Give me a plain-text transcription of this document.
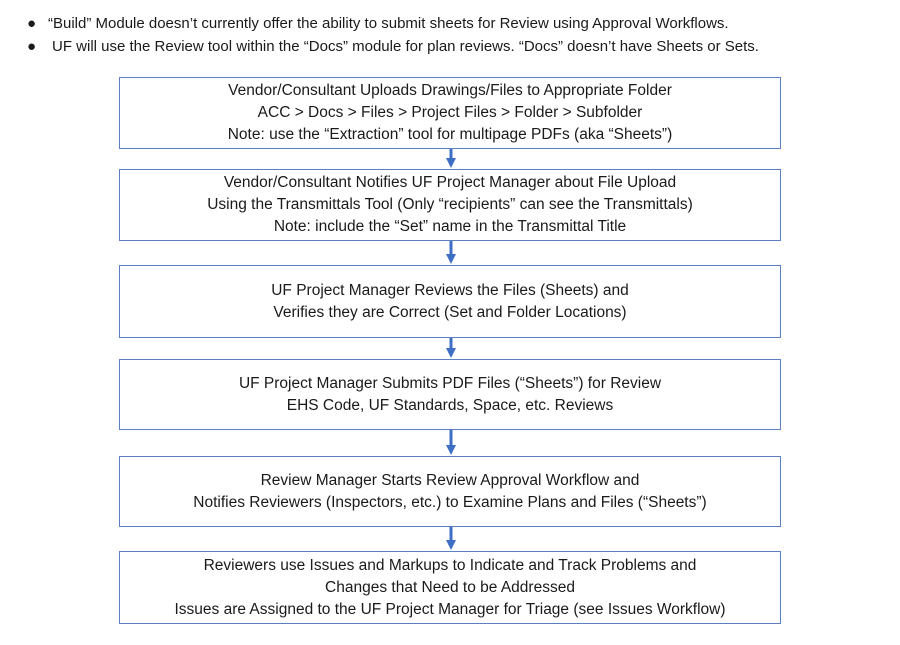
● “Build” Module doesn’t currently offer the ability to submit sheets for Review using Approval Workflows.
● UF will use the Review tool within the “Docs” module for plan reviews. “Docs” doesn’t have Sheets or Sets.
Vendor/Consultant Uploads Drawings/Files to Appropriate Folder
ACC > Docs > Files > Project Files > Folder > Subfolder
Note: use the “Extraction” tool for multipage PDFs (aka “Sheets”)
Vendor/Consultant Notifies UF Project Manager about File Upload
Using the Transmittals Tool (Only “recipients” can see the Transmittals)
Note: include the “Set” name in the Transmittal Title
UF Project Manager Reviews the Files (Sheets) and
Verifies they are Correct (Set and Folder Locations)
UF Project Manager Submits PDF Files (“Sheets”) for Review
EHS Code, UF Standards, Space, etc. Reviews
Review Manager Starts Review Approval Workflow and
Notifies Reviewers (Inspectors, etc.) to Examine Plans and Files (“Sheets”)
Reviewers use Issues and Markups to Indicate and Track Problems and
Changes that Need to be Addressed
Issues are Assigned to the UF Project Manager for Triage (see Issues Workflow)
